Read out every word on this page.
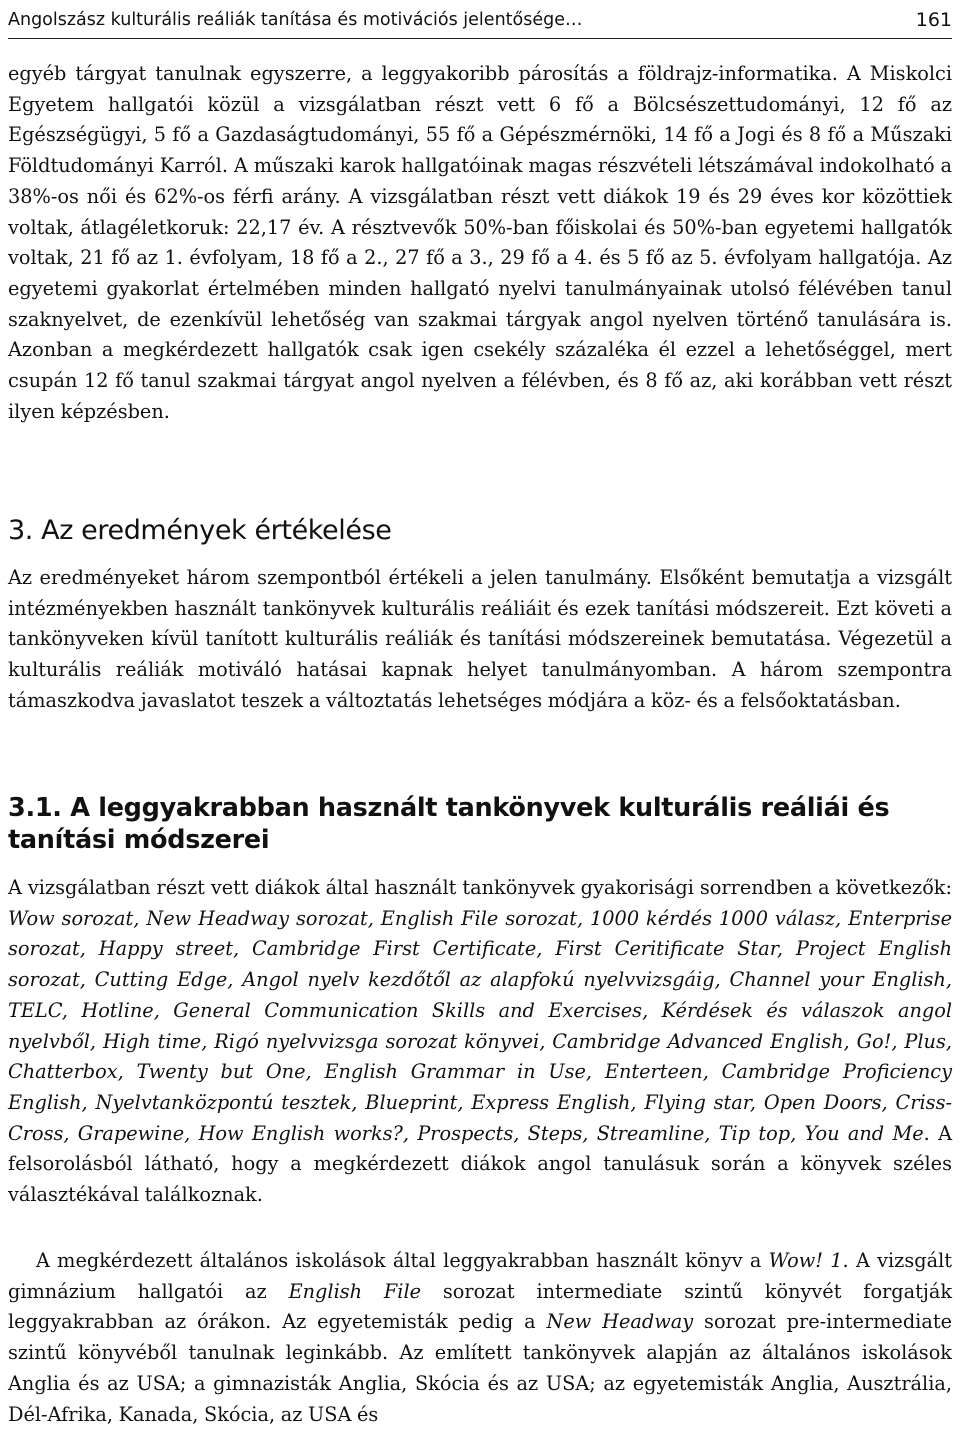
Angolszász kulturális reáliák tanítása és motivációs jelentősége…	161

egyéb tárgyat tanulnak egyszerre, a leggyakoribb párosítás a földrajz-informatika. A Miskolci Egyetem hallgatói közül a vizsgálatban részt vett 6 fő a Bölcsészettudományi, 12 fő az Egészségügyi, 5 fő a Gazdaságtudományi, 55 fő a Gépészmérnöki, 14 fő a Jogi és 8 fő a Műszaki Földtudományi Karról. A műszaki karok hallgatóinak magas részvételi létszámával indokolható a 38%-os női és 62%-os férfi arány. A vizsgálatban részt vett diákok 19 és 29 éves kor közöttiek voltak, átlagéletkoruk: 22,17 év. A résztvevők 50%-ban főiskolai és 50%-ban egyetemi hallgatók voltak, 21 fő az 1. évfolyam, 18 fő a 2., 27 fő a 3., 29 fő a 4. és 5 fő az 5. évfolyam hallgatója. Az egyetemi gyakorlat értelmében minden hallgató nyelvi tanulmányainak utolsó félévében tanul szaknyelvet, de ezenkívül lehetőség van szakmai tárgyak angol nyelven történő tanulására is. Azonban a megkérdezett hallgatók csak igen csekély százaléka él ezzel a lehetőséggel, mert csupán 12 fő tanul szakmai tárgyat angol nyelven a félévben, és 8 fő az, aki korábban vett részt ilyen képzésben.

3. Az eredmények értékelése

Az eredményeket három szempontból értékeli a jelen tanulmány. Elsőként bemutatja a vizsgált intézményekben használt tankönyvek kulturális reáliáit és ezek tanítási módszereit. Ezt követi a tankönyveken kívül tanított kulturális reáliák és tanítási módszereinek bemutatása. Végezetül a kulturális reáliák motiváló hatásai kapnak helyet tanulmányomban. A három szempontra támaszkodva javaslatot teszek a változtatás lehetséges módjára a köz- és a felsőoktatásban.

3.1. A leggyakrabban használt tankönyvek kulturális reáliái és tanítási módszerei

A vizsgálatban részt vett diákok által használt tankönyvek gyakorisági sorrendben a következők: Wow sorozat, New Headway sorozat, English File sorozat, 1000 kérdés 1000 válasz, Enterprise sorozat, Happy street, Cambridge First Certificate, First Ceritificate Star, Project English sorozat, Cutting Edge, Angol nyelv kezdőtől az alapfokú nyelvvizsgáig, Channel your English, TELC, Hotline, General Communication Skills and Exercises, Kérdések és válaszok angol nyelvből, High time, Rigó nyelvvizsga sorozat könyvei, Cambridge Advanced English, Go!, Plus, Chatterbox, Twenty but One, English Grammar in Use, Enterteen, Cambridge Proficiency English, Nyelvtanközpontú tesztek, Blueprint, Express English, Flying star, Open Doors, Criss-Cross, Grapewine, How English works?, Prospects, Steps, Streamline, Tip top, You and Me. A felsorolásból látható, hogy a megkérdezett diákok angol tanulásuk során a könyvek széles választékával találkoznak.

A megkérdezett általános iskolások által leggyakrabban használt könyv a Wow! 1. A vizsgált gimnázium hallgatói az English File sorozat intermediate szintű könyvét forgatják leggyakrabban az órákon. Az egyetemisták pedig a New Headway sorozat pre-intermediate szintű könyvéből tanulnak leginkább. Az említett tankönyvek alapján az általános iskolások Anglia és az USA; a gimnazisták Anglia, Skócia és az USA; az egyetemisták Anglia, Ausztrália, Dél-Afrika, Kanada, Skócia, az USA és
